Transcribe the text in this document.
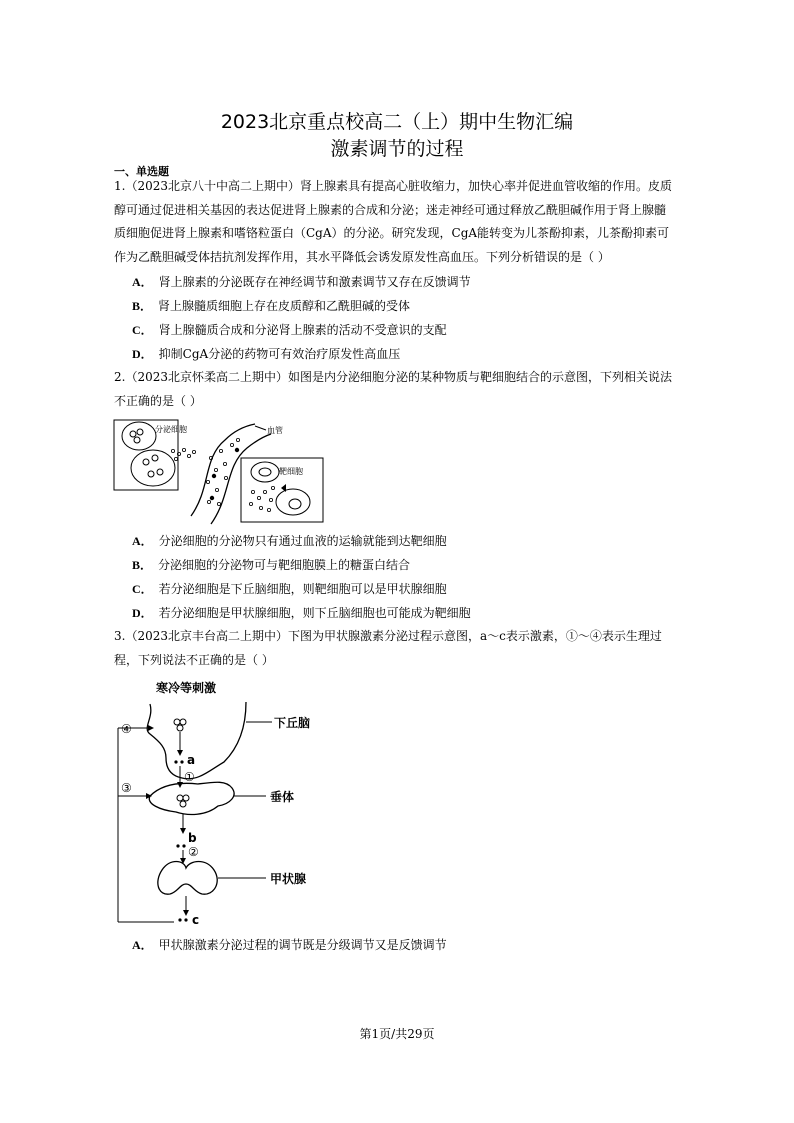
2023北京重点校高二（上）期中生物汇编
激素调节的过程
一、单选题
1.（2023北京八十中高二上期中）肾上腺素具有提高心脏收缩力，加快心率并促进血管收缩的作用。皮质醇可通过促进相关基因的表达促进肾上腺素的合成和分泌；迷走神经可通过释放乙酰胆碱作用于肾上腺髓质细胞促进肾上腺素和嗜铬粒蛋白（CgA）的分泌。研究发现，CgA能转变为儿茶酚抑素，儿茶酚抑素可作为乙酰胆碱受体拮抗剂发挥作用，其水平降低会诱发原发性高血压。下列分析错误的是（ ）
A． 肾上腺素的分泌既存在神经调节和激素调节又存在反馈调节
B． 肾上腺髓质细胞上存在皮质醇和乙酰胆碱的受体
C． 肾上腺髓质合成和分泌肾上腺素的活动不受意识的支配
D． 抑制CgA分泌的药物可有效治疗原发性高血压
2.（2023北京怀柔高二上期中）如图是内分泌细胞分泌的某种物质与靶细胞结合的示意图，下列相关说法不正确的是（ ）
分泌细胞	血管
靶细胞
A． 分泌细胞的分泌物只有通过血液的运输就能到达靶细胞
B． 分泌细胞的分泌物可与靶细胞膜上的糖蛋白结合
C． 若分泌细胞是下丘脑细胞，则靶细胞可以是甲状腺细胞
D． 若分泌细胞是甲状腺细胞，则下丘脑细胞也可能成为靶细胞
3.（2023北京丰台高二上期中）下图为甲状腺激素分泌过程示意图，a～c表示激素，①～④表示生理过程，下列说法不正确的是（ ）
寒冷等刺激
下丘脑
a
①
垂体
b
②
甲状腺
c
④
③
A． 甲状腺激素分泌过程的调节既是分级调节又是反馈调节
第1页/共29页
